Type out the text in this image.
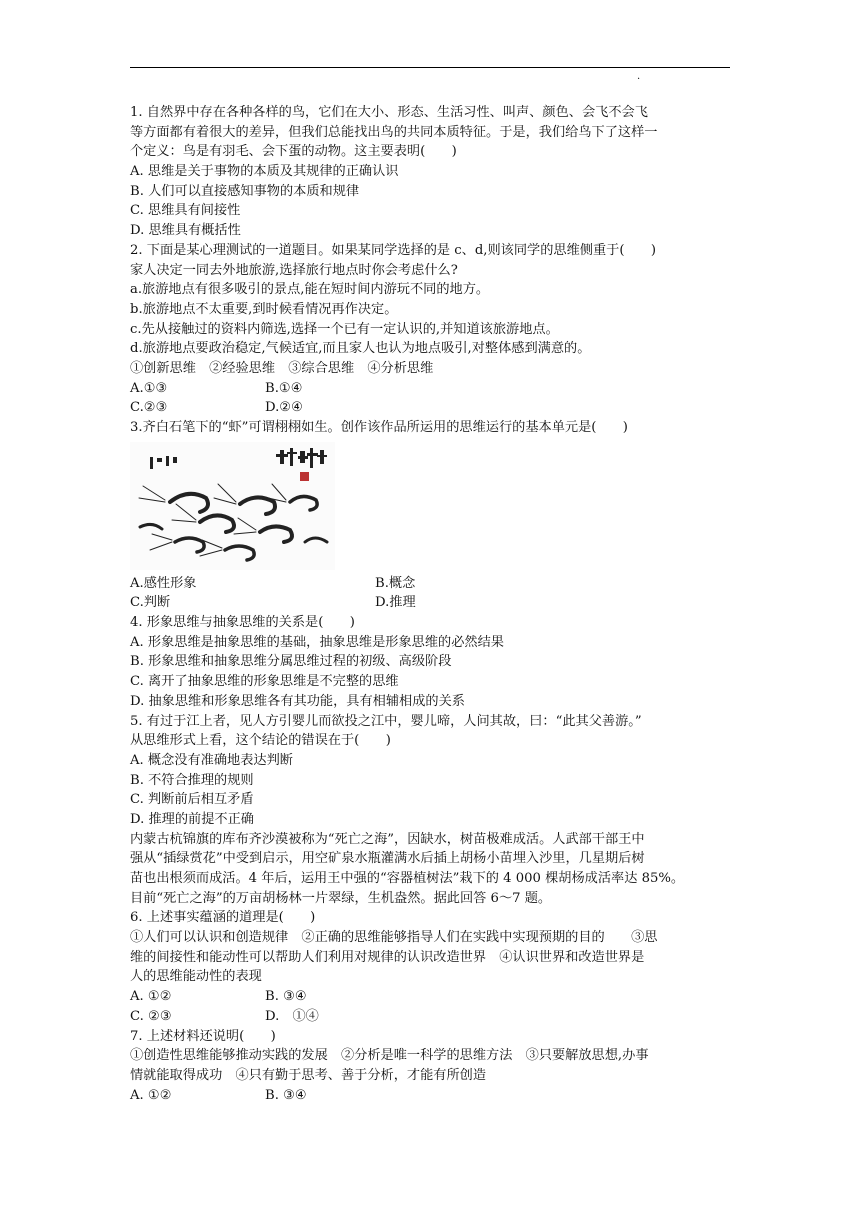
.
1. 自然界中存在各种各样的鸟，它们在大小、形态、生活习性、叫声、颜色、会飞不会飞
等方面都有着很大的差异，但我们总能找出鸟的共同本质特征。于是，我们给鸟下了这样一
个定义：鸟是有羽毛、会下蛋的动物。这主要表明(　　)
A. 思维是关于事物的本质及其规律的正确认识
B. 人们可以直接感知事物的本质和规律
C. 思维具有间接性
D. 思维具有概括性
2. 下面是某心理测试的一道题目。如果某同学选择的是 c、d,则该同学的思维侧重于(　　)
家人决定一同去外地旅游,选择旅行地点时你会考虑什么?
a.旅游地点有很多吸引的景点,能在短时间内游玩不同的地方。
b.旅游地点不太重要,到时候看情况再作决定。
c.先从接触过的资料内筛选,选择一个已有一定认识的,并知道该旅游地点。
d.旅游地点要政治稳定,气候适宜,而且家人也认为地点吸引,对整体感到满意的。
①创新思维　②经验思维　③综合思维　④分析思维
A.①③	B.①④
C.②③	D.②④
3.齐白石笔下的“虾”可谓栩栩如生。创作该作品所运用的思维运行的基本单元是(　　)
A.感性形象	B.概念
C.判断	D.推理
4. 形象思维与抽象思维的关系是(　　)
A. 形象思维是抽象思维的基础，抽象思维是形象思维的必然结果
B. 形象思维和抽象思维分属思维过程的初级、高级阶段
C. 离开了抽象思维的形象思维是不完整的思维
D. 抽象思维和形象思维各有其功能，具有相辅相成的关系
5. 有过于江上者，见人方引婴儿而欲投之江中，婴儿啼，人问其故，曰：“此其父善游。”
从思维形式上看，这个结论的错误在于(　　)
A. 概念没有准确地表达判断
B. 不符合推理的规则
C. 判断前后相互矛盾
D. 推理的前提不正确
内蒙古杭锦旗的库布齐沙漠被称为“死亡之海”，因缺水，树苗极难成活。人武部干部王中
强从“插绿赏花”中受到启示，用空矿泉水瓶灌满水后插上胡杨小苗埋入沙里，几星期后树
苗也出根须而成活。4 年后，运用王中强的“容器植树法”栽下的 4 000 棵胡杨成活率达 85%。
目前“死亡之海”的万亩胡杨林一片翠绿，生机盎然。据此回答 6～7 题。
6. 上述事实蕴涵的道理是(　　)
①人们可以认识和创造规律　②正确的思维能够指导人们在实践中实现预期的目的　　③思
维的间接性和能动性可以帮助人们利用对规律的认识改造世界　④认识世界和改造世界是
人的思维能动性的表现
A. ①②	B. ③④
C. ②③	D.　①④
7. 上述材料还说明(　　)
①创造性思维能够推动实践的发展　②分析是唯一科学的思维方法　③只要解放思想,办事
情就能取得成功　④只有勤于思考、善于分析，才能有所创造
A. ①②	B. ③④
